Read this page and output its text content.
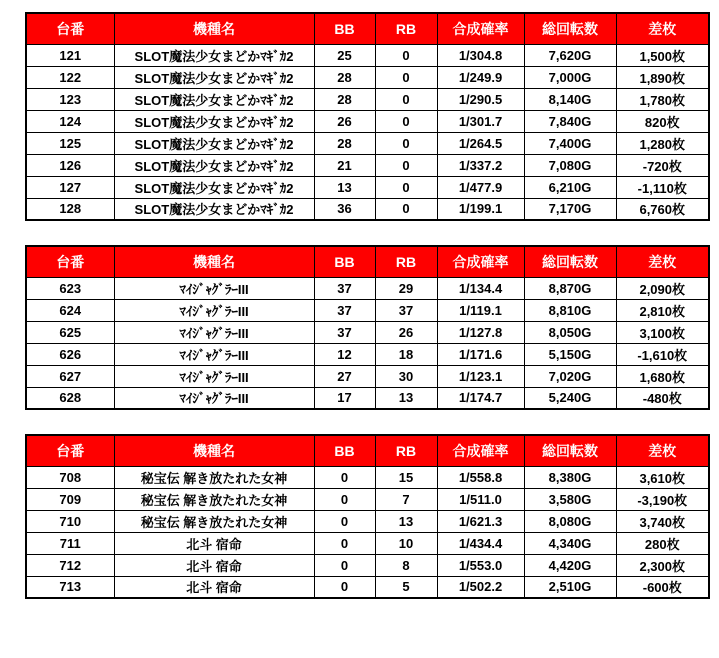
台番	機種名	BB	RB	合成確率	総回転数	差枚
121	SLOT魔法少女まどかﾏｷﾞｶ2	25	0	1/304.8	7,620G	1,500枚
122	SLOT魔法少女まどかﾏｷﾞｶ2	28	0	1/249.9	7,000G	1,890枚
123	SLOT魔法少女まどかﾏｷﾞｶ2	28	0	1/290.5	8,140G	1,780枚
124	SLOT魔法少女まどかﾏｷﾞｶ2	26	0	1/301.7	7,840G	820枚
125	SLOT魔法少女まどかﾏｷﾞｶ2	28	0	1/264.5	7,400G	1,280枚
126	SLOT魔法少女まどかﾏｷﾞｶ2	21	0	1/337.2	7,080G	-720枚
127	SLOT魔法少女まどかﾏｷﾞｶ2	13	0	1/477.9	6,210G	-1,110枚
128	SLOT魔法少女まどかﾏｷﾞｶ2	36	0	1/199.1	7,170G	6,760枚
台番	機種名	BB	RB	合成確率	総回転数	差枚
623	ﾏｲｼﾞｬｸﾞﾗｰIII	37	29	1/134.4	8,870G	2,090枚
624	ﾏｲｼﾞｬｸﾞﾗｰIII	37	37	1/119.1	8,810G	2,810枚
625	ﾏｲｼﾞｬｸﾞﾗｰIII	37	26	1/127.8	8,050G	3,100枚
626	ﾏｲｼﾞｬｸﾞﾗｰIII	12	18	1/171.6	5,150G	-1,610枚
627	ﾏｲｼﾞｬｸﾞﾗｰIII	27	30	1/123.1	7,020G	1,680枚
628	ﾏｲｼﾞｬｸﾞﾗｰIII	17	13	1/174.7	5,240G	-480枚
台番	機種名	BB	RB	合成確率	総回転数	差枚
708	秘宝伝 解き放たれた女神	0	15	1/558.8	8,380G	3,610枚
709	秘宝伝 解き放たれた女神	0	7	1/511.0	3,580G	-3,190枚
710	秘宝伝 解き放たれた女神	0	13	1/621.3	8,080G	3,740枚
711	北斗 宿命	0	10	1/434.4	4,340G	280枚
712	北斗 宿命	0	8	1/553.0	4,420G	2,300枚
713	北斗 宿命	0	5	1/502.2	2,510G	-600枚
